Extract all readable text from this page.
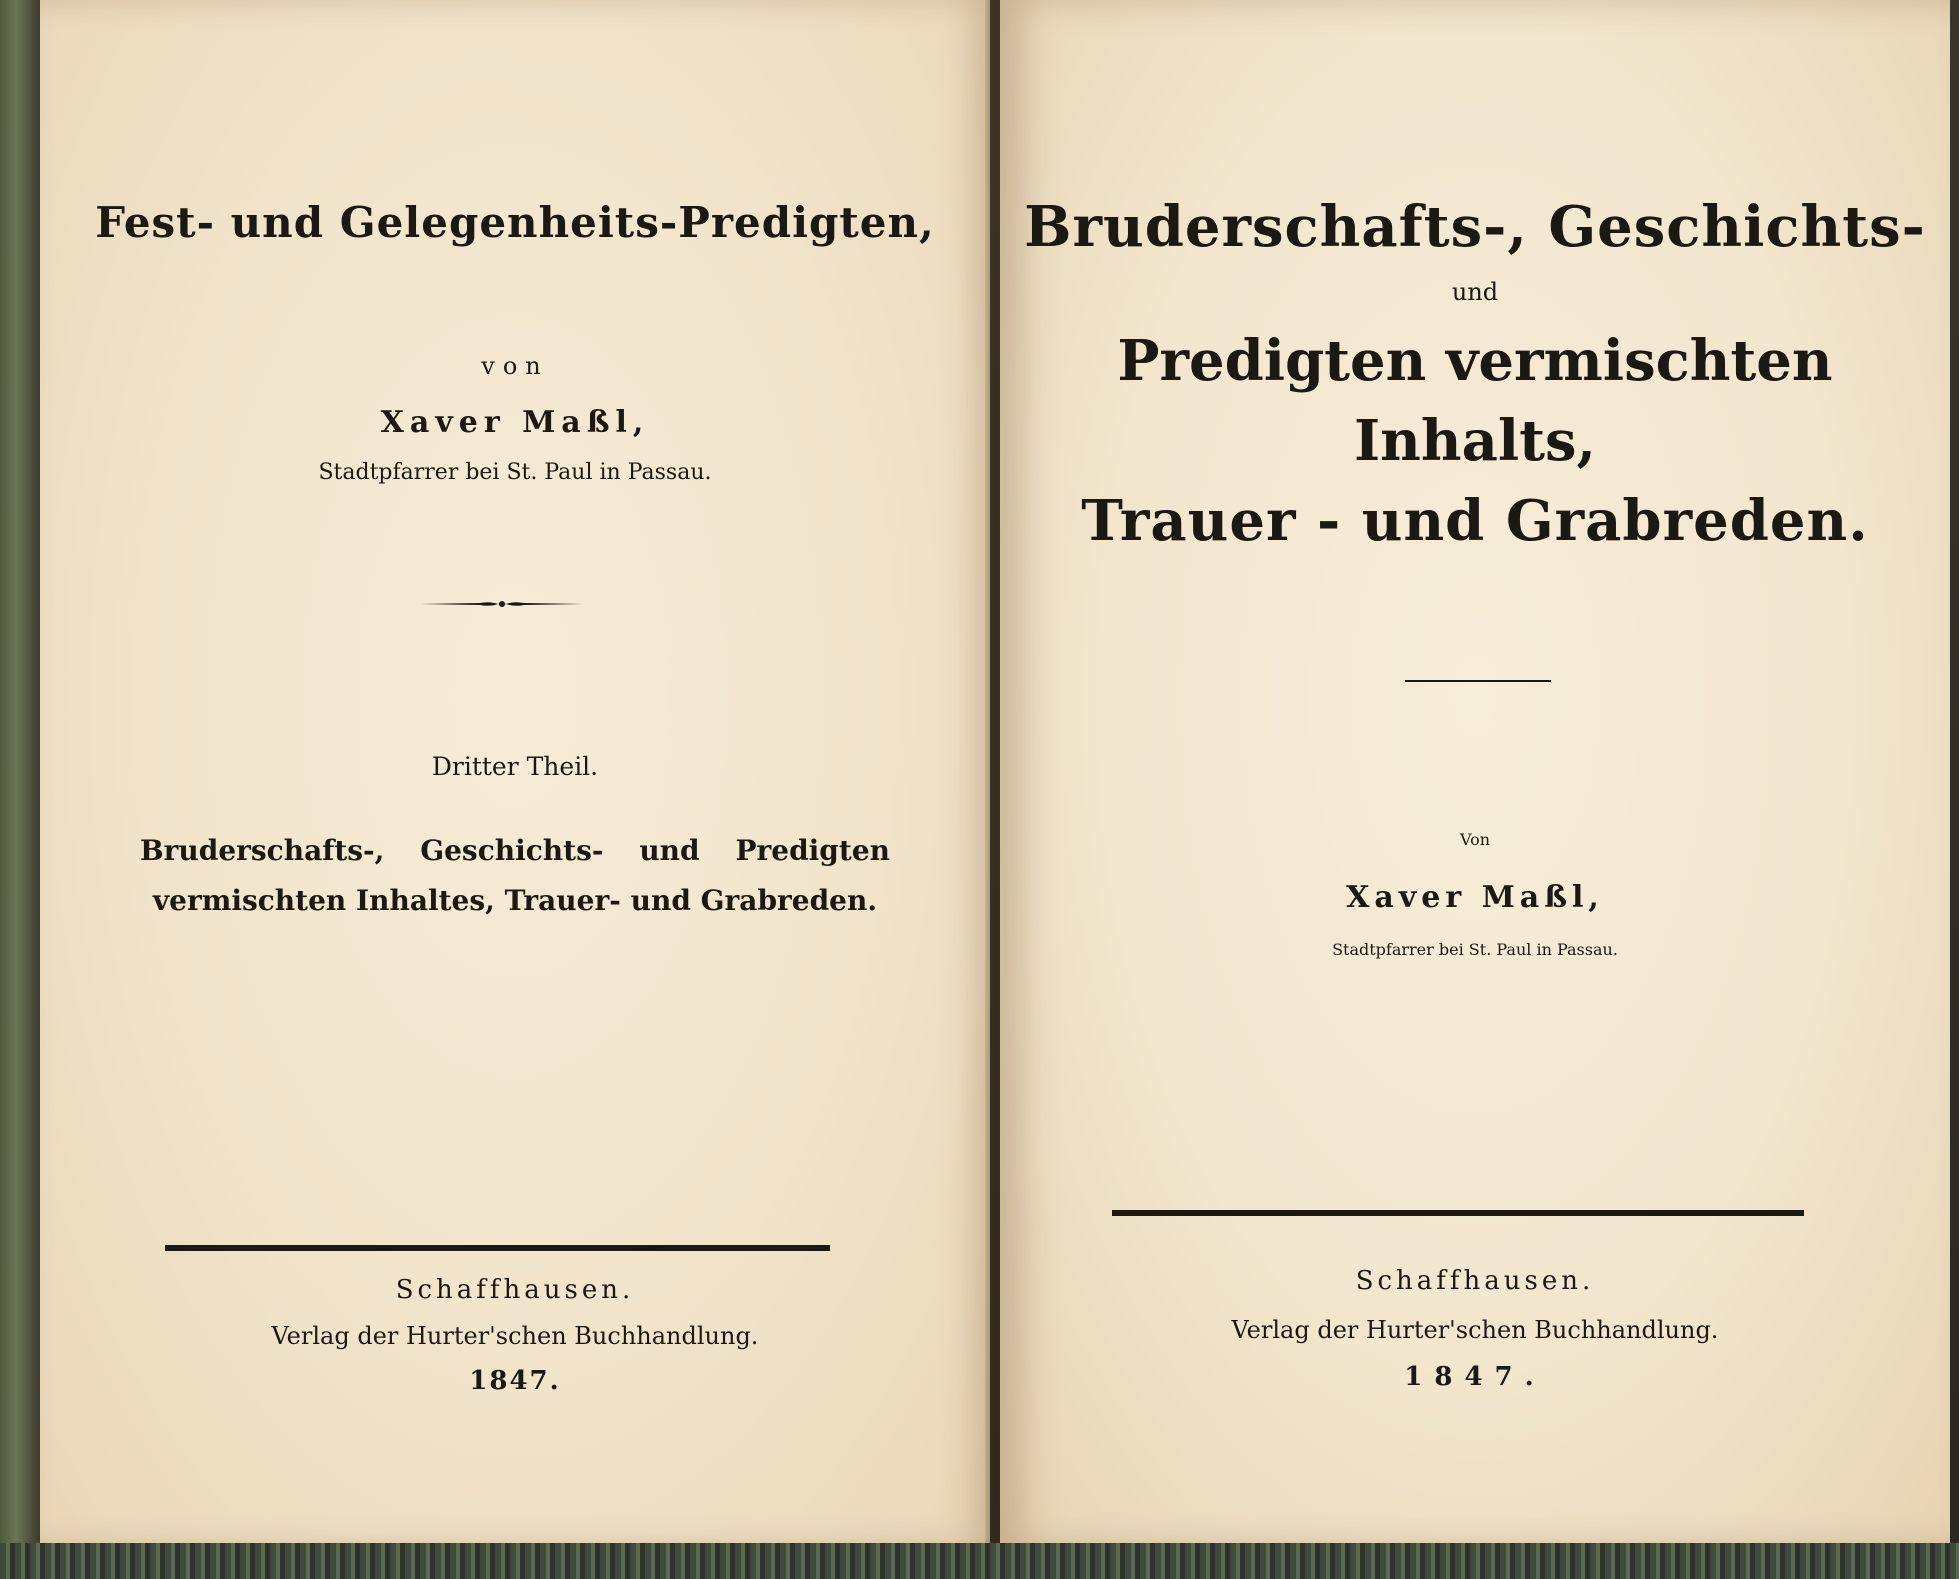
Fest- und Gelegenheits-Predigten,
von
Xaver Maßl,
Stadtpfarrer bei St. Paul in Passau.
Dritter Theil.
Bruderschafts-, Geschichts- und Predigten vermischten Inhaltes, Trauer- und Grabreden.
Schaffhausen.
Verlag der Hurter'schen Buchhandlung.
1847.
Bruderschafts-, Geschichts-
und
Predigten vermischten
Inhalts,
Trauer - und Grabreden.
Von
Xaver Maßl,
Stadtpfarrer bei St. Paul in Passau.
Schaffhausen.
Verlag der Hurter'schen Buchhandlung.
1847.
